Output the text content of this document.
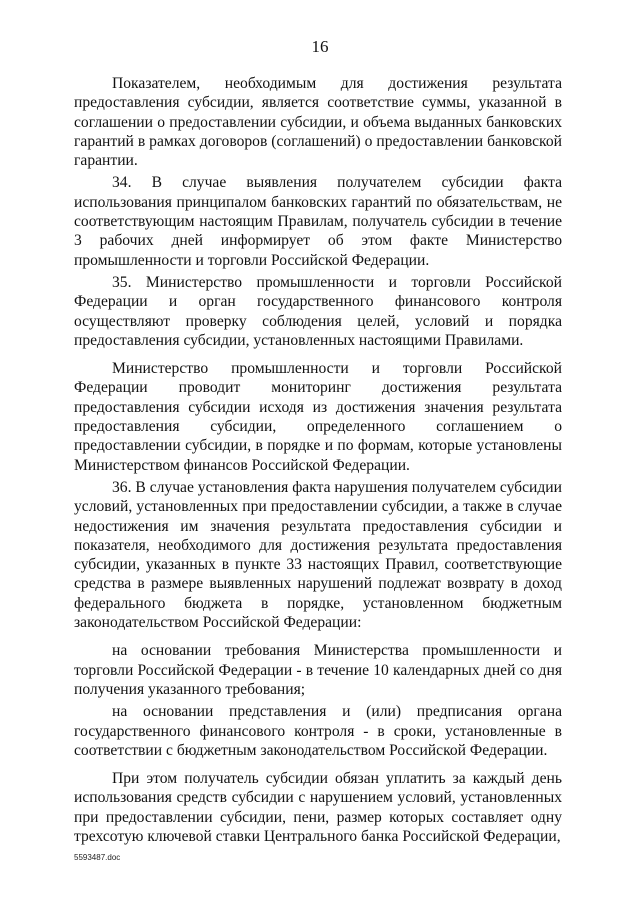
16

Показателем, необходимым для достижения результата предоставления субсидии, является соответствие суммы, указанной в соглашении о предоставлении субсидии, и объема выданных банковских гарантий в рамках договоров (соглашений) о предоставлении банковской гарантии.

34. В случае выявления получателем субсидии факта использования принципалом банковских гарантий по обязательствам, не соответствующим настоящим Правилам, получатель субсидии в течение 3 рабочих дней информирует об этом факте Министерство промышленности и торговли Российской Федерации.

35. Министерство промышленности и торговли Российской Федерации и орган государственного финансового контроля осуществляют проверку соблюдения целей, условий и порядка предоставления субсидии, установленных настоящими Правилами.

Министерство промышленности и торговли Российской Федерации проводит мониторинг достижения результата предоставления субсидии исходя из достижения значения результата предоставления субсидии, определенного соглашением о предоставлении субсидии, в порядке и по формам, которые установлены Министерством финансов Российской Федерации.

36. В случае установления факта нарушения получателем субсидии условий, установленных при предоставлении субсидии, а также в случае недостижения им значения результата предоставления субсидии и показателя, необходимого для достижения результата предоставления субсидии, указанных в пункте 33 настоящих Правил, соответствующие средства в размере выявленных нарушений подлежат возврату в доход федерального бюджета в порядке, установленном бюджетным законодательством Российской Федерации:

на основании требования Министерства промышленности и торговли Российской Федерации - в течение 10 календарных дней со дня получения указанного требования;

на основании представления и (или) предписания органа государственного финансового контроля - в сроки, установленные в соответствии с бюджетным законодательством Российской Федерации.

При этом получатель субсидии обязан уплатить за каждый день использования средств субсидии с нарушением условий, установленных при предоставлении субсидии, пени, размер которых составляет одну трехсотую ключевой ставки Центрального банка Российской Федерации,

5593487.doc
